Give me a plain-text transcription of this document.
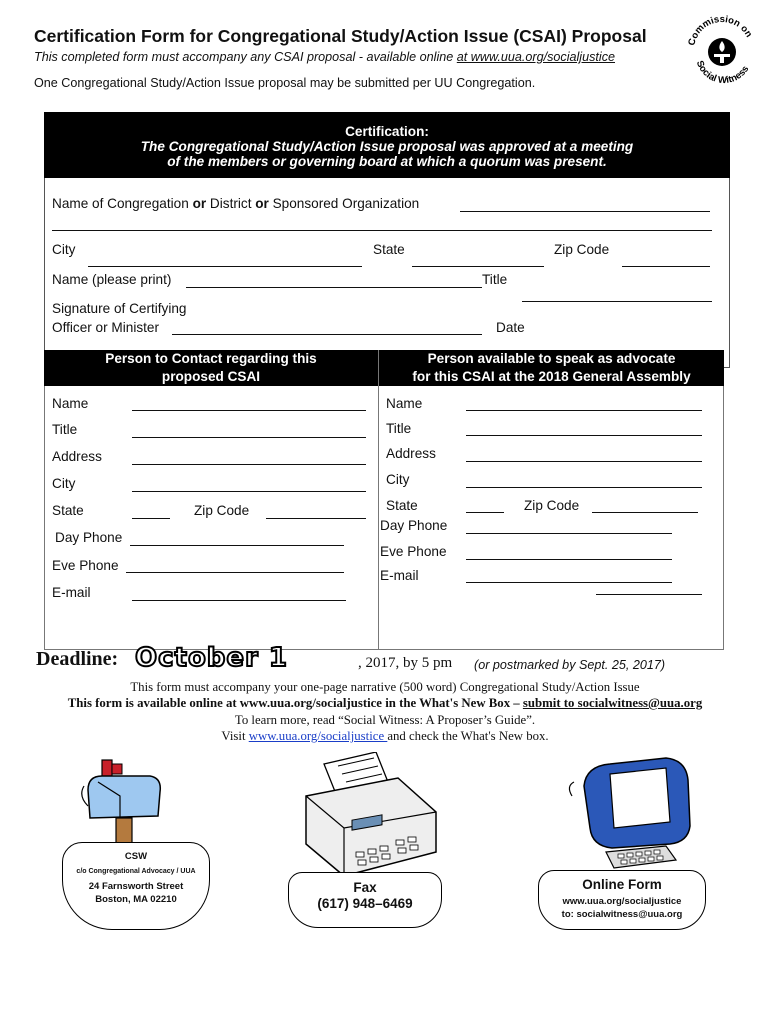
Certification Form for Congregational Study/Action Issue (CSAI) Proposal
This completed form must accompany any CSAI proposal - available online at www.uua.org/socialjustice
One Congregational Study/Action Issue proposal may be submitted per UU Congregation.
Commission on
Social Witness
Certification:
The Congregational Study/Action Issue proposal was approved at a meeting
of the members or governing board at which a quorum was present.
Name of Congregation or District or Sponsored Organization
City	State	Zip Code
Name (please print)	Title
Signature of Certifying
Officer or Minister	Date
Person to Contact regarding this
proposed CSAI
Person available to speak as advocate
for this CSAI at the 2018 General Assembly
Name
Title
Address
City
State	Zip Code
Day Phone
Eve Phone
E-mail
Name
Title
Address
City
State	Zip Code
Day Phone
Eve Phone
E-mail
Deadline: October 1	, 2017, by 5 pm (or postmarked by Sept. 25, 2017)
This form must accompany your one-page narrative (500 word) Congregational Study/Action Issue
This form is available online at www.uua.org/socialjustice in the What's New Box – submit to socialwitness@uua.org
To learn more, read “Social Witness: A Proposer’s Guide”.
Visit www.uua.org/socialjustice and check the What's New box.
CSW
c/o Congregational Advocacy / UUA
24 Farnsworth Street
Boston, MA 02210
Fax
(617) 948–6469
Online Form
www.uua.org/socialjustice
to: socialwitness@uua.org
